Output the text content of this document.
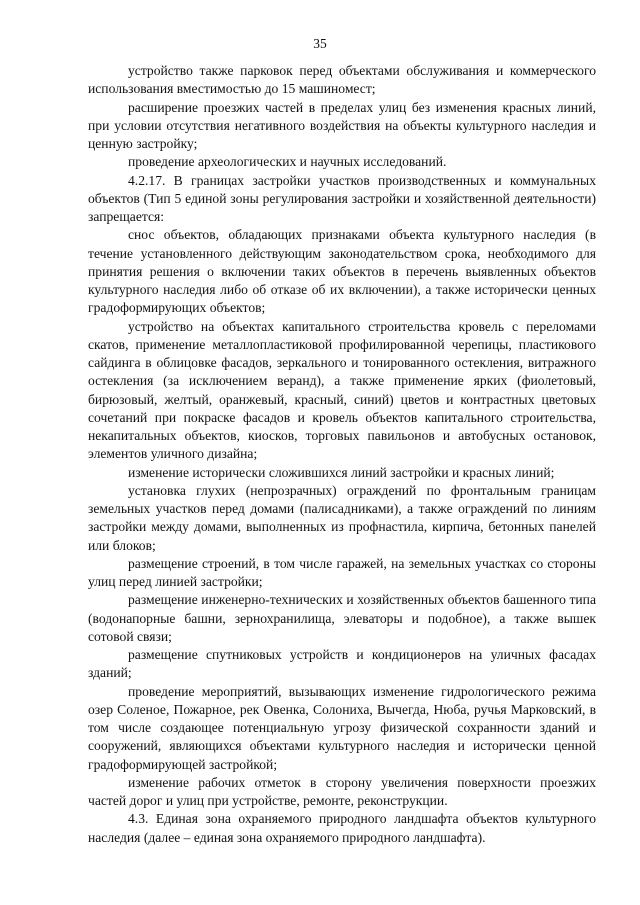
35

устройство также парковок перед объектами обслуживания и коммерческого использования вместимостью до 15 машиномест;

расширение проезжих частей в пределах улиц без изменения красных линий, при условии отсутствия негативного воздействия на объекты культурного наследия и ценную застройку;

проведение археологических и научных исследований.

4.2.17. В границах застройки участков производственных и коммунальных объектов (Тип 5 единой зоны регулирования застройки и хозяйственной деятельности) запрещается:

снос объектов, обладающих признаками объекта культурного наследия (в течение установленного действующим законодательством срока, необходимого для принятия решения о включении таких объектов в перечень выявленных объектов культурного наследия либо об отказе об их включении), а также исторически ценных градоформирующих объектов;

устройство на объектах капитального строительства кровель с переломами скатов, применение металлопластиковой профилированной черепицы, пластикового сайдинга в облицовке фасадов, зеркального и тонированного остекления, витражного остекления (за исключением веранд), а также применение ярких (фиолетовый, бирюзовый, желтый, оранжевый, красный, синий) цветов и контрастных цветовых сочетаний при покраске фасадов и кровель объектов капитального строительства, некапитальных объектов, киосков, торговых павильонов и автобусных остановок, элементов уличного дизайна;

изменение исторически сложившихся линий застройки и красных линий;

установка глухих (непрозрачных) ограждений по фронтальным границам земельных участков перед домами (палисадниками), а также ограждений по линиям застройки между домами, выполненных из профнастила, кирпича, бетонных панелей или блоков;

размещение строений, в том числе гаражей, на земельных участках со стороны улиц перед линией застройки;

размещение инженерно-технических и хозяйственных объектов башенного типа (водонапорные башни, зернохранилища, элеваторы и подобное), а также вышек сотовой связи;

размещение спутниковых устройств и кондиционеров на уличных фасадах зданий;

проведение мероприятий, вызывающих изменение гидрологического режима озер Соленое, Пожарное, рек Овенка, Солониха, Вычегда, Нюба, ручья Марковский, в том числе создающее потенциальную угрозу физической сохранности зданий и сооружений, являющихся объектами культурного наследия и исторически ценной градоформирующей застройкой;

изменение рабочих отметок в сторону увеличения поверхности проезжих частей дорог и улиц при устройстве, ремонте, реконструкции.

4.3. Единая зона охраняемого природного ландшафта объектов культурного наследия (далее – единая зона охраняемого природного ландшафта).
